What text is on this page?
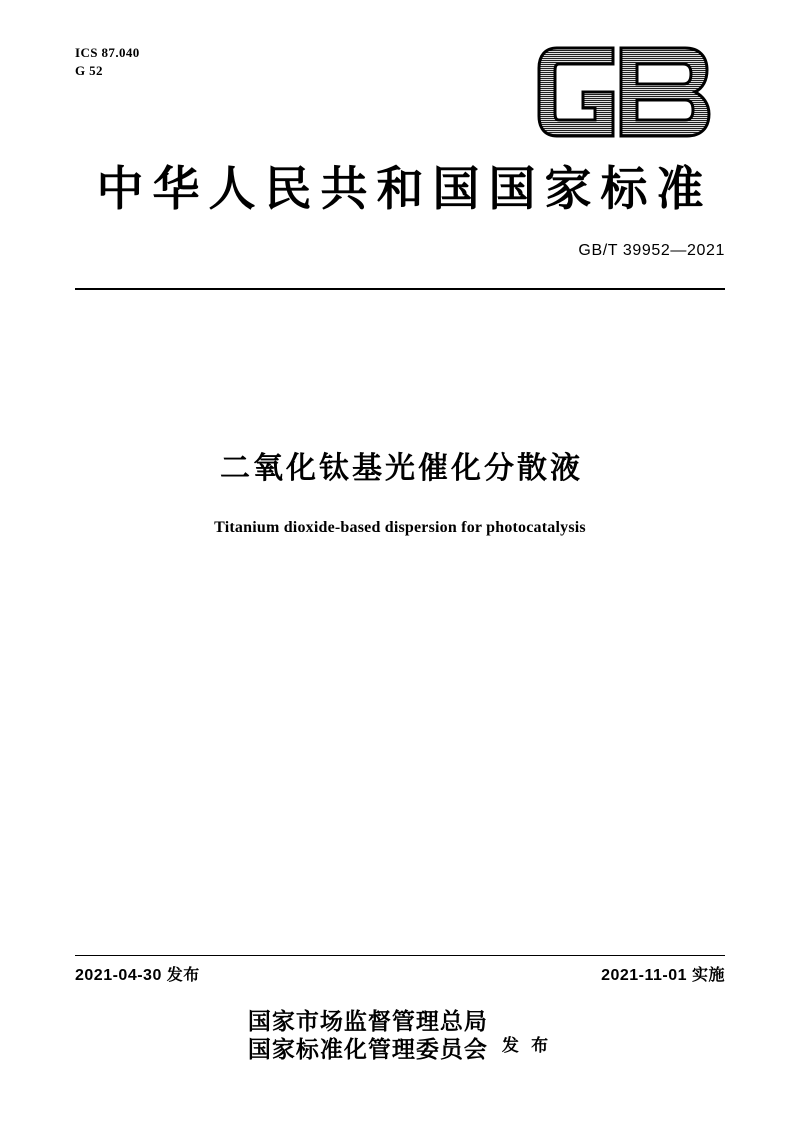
ICS 87.040
G 52
中华人民共和国国家标准
GB/T 39952—2021
二氧化钛基光催化分散液
Titanium dioxide-based dispersion for photocatalysis
2021-04-30 发布	2021-11-01 实施
国家市场监督管理总局
国家标准化管理委员会 发 布
